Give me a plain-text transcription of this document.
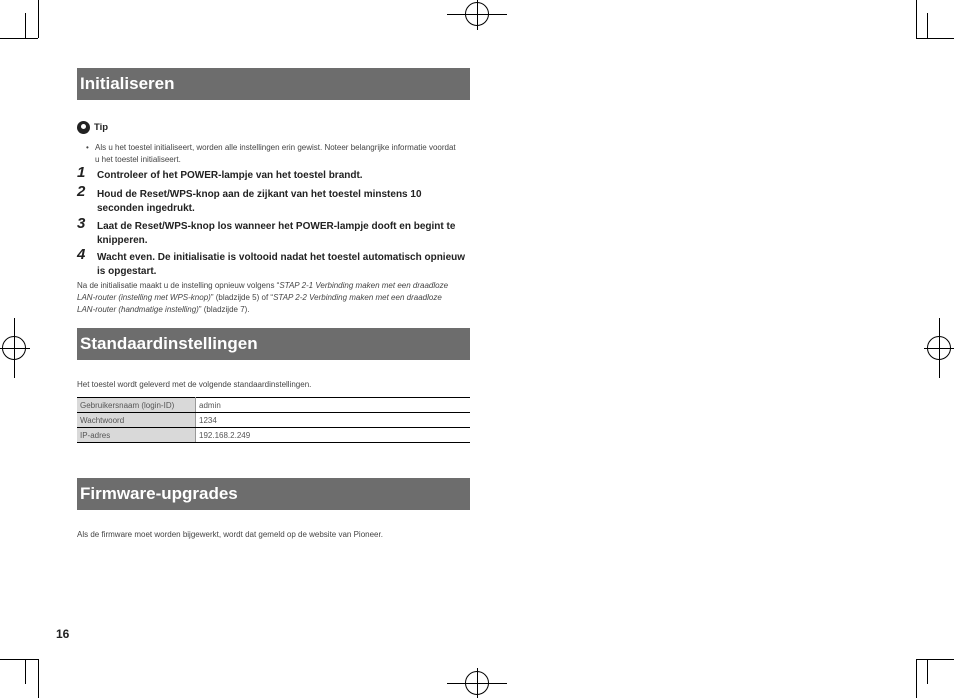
Initialiseren
Tip
• Als u het toestel initialiseert, worden alle instellingen erin gewist. Noteer belangrijke informatie voordat u het toestel initialiseert.
1 Controleer of het POWER-lampje van het toestel brandt.
2 Houd de Reset/WPS-knop aan de zijkant van het toestel minstens 10 seconden ingedrukt.
3 Laat de Reset/WPS-knop los wanneer het POWER-lampje dooft en begint te knipperen.
4 Wacht even. De initialisatie is voltooid nadat het toestel automatisch opnieuw is opgestart.
Na de initialisatie maakt u de instelling opnieuw volgens “STAP 2-1 Verbinding maken met een draadloze LAN-router (instelling met WPS-knop)” (bladzijde 5) of “STAP 2-2 Verbinding maken met een draadloze LAN-router (handmatige instelling)” (bladzijde 7).
Standaardinstellingen
Het toestel wordt geleverd met de volgende standaardinstellingen.
Gebruikersnaam (login-ID)	admin
Wachtwoord	1234
IP-adres	192.168.2.249
Firmware-upgrades
Als de firmware moet worden bijgewerkt, wordt dat gemeld op de website van Pioneer.
16
